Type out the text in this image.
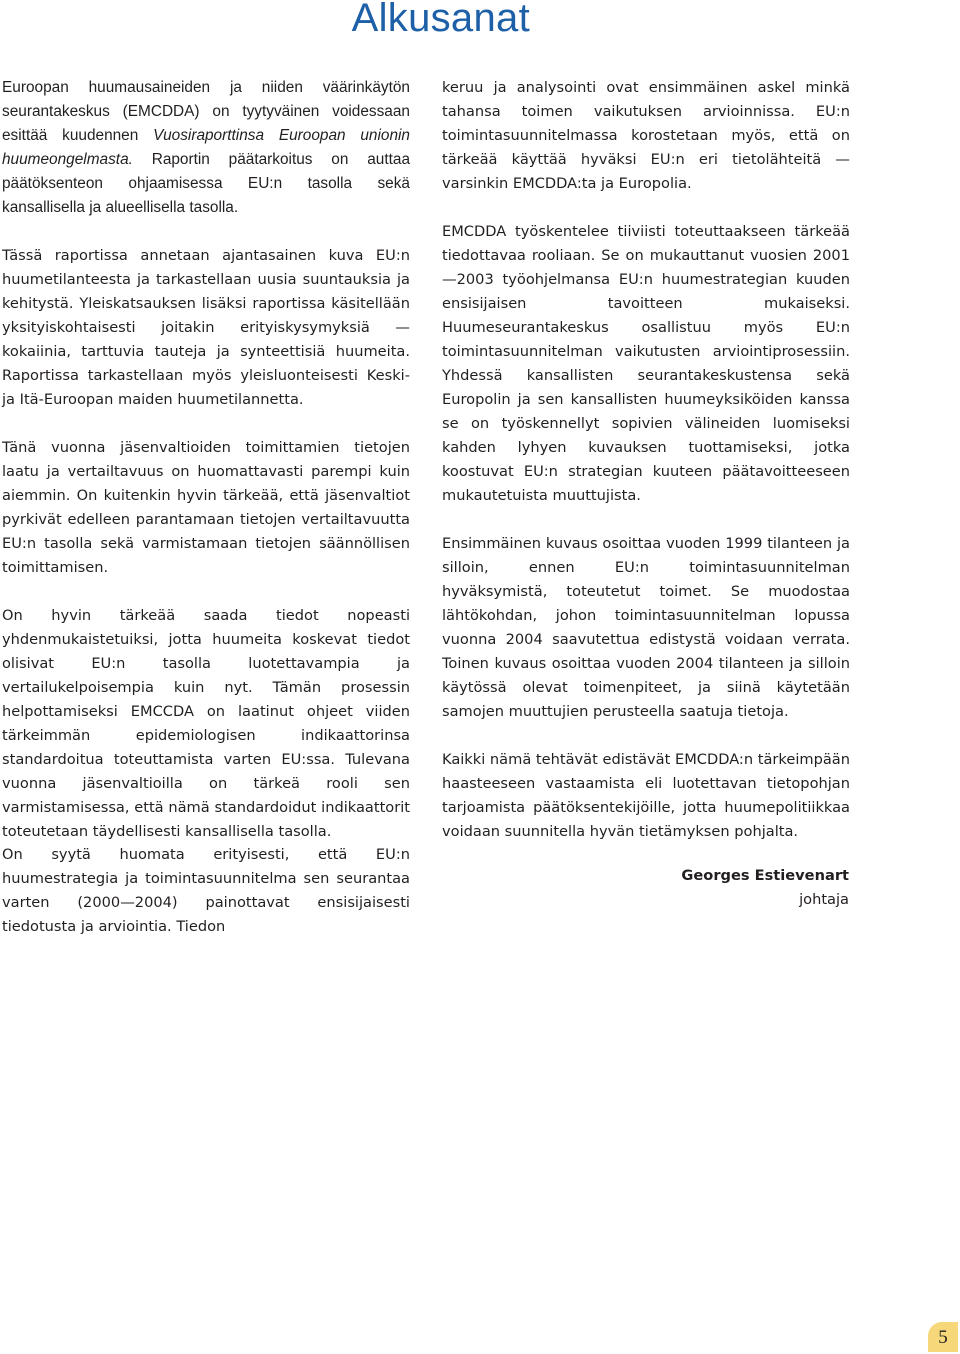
Alkusanat

Euroopan huumausaineiden ja niiden väärinkäytön seurantakeskus (EMCDDA) on tyytyväinen voidessaan esittää kuudennen Vuosiraporttinsa Euroopan unionin huumeongelmasta. Raportin päätarkoitus on auttaa päätöksenteon ohjaamisessa EU:n tasolla sekä kansallisella ja alueellisella tasolla.

Tässä raportissa annetaan ajantasainen kuva EU:n huumetilanteesta ja tarkastellaan uusia suuntauksia ja kehitystä. Yleiskatsauksen lisäksi raportissa käsitellään yksityiskohtaisesti joitakin erityiskysymyksiä — kokaiinia, tarttuvia tauteja ja synteettisiä huumeita. Raportissa tarkastellaan myös yleisluonteisesti Keski- ja Itä-Euroopan maiden huumetilannetta.

Tänä vuonna jäsenvaltioiden toimittamien tietojen laatu ja vertailtavuus on huomattavasti parempi kuin aiemmin. On kuitenkin hyvin tärkeää, että jäsenvaltiot pyrkivät edelleen parantamaan tietojen vertailtavuutta EU:n tasolla sekä varmistamaan tietojen säännöllisen toimittamisen.

On hyvin tärkeää saada tiedot nopeasti yhdenmukaistetuiksi, jotta huumeita koskevat tiedot olisivat EU:n tasolla luotettavampia ja vertailukelpoisempia kuin nyt. Tämän prosessin helpottamiseksi EMCCDA on laatinut ohjeet viiden tärkeimmän epidemiologisen indikaattorinsa standardoitua toteuttamista varten EU:ssa. Tulevana vuonna jäsenvaltioilla on tärkeä rooli sen varmistamisessa, että nämä standardoidut indikaattorit toteutetaan täydellisesti kansallisella tasolla.

On syytä huomata erityisesti, että EU:n huumestrategia ja toimintasuunnitelma sen seurantaa varten (2000—2004) painottavat ensisijaisesti tiedotusta ja arviointia. Tiedon

keruu ja analysointi ovat ensimmäinen askel minkä tahansa toimen vaikutuksen arvioinnissa. EU:n toimintasuunnitelmassa korostetaan myös, että on tärkeää käyttää hyväksi EU:n eri tietolähteitä — varsinkin EMCDDA:ta ja Europolia.

EMCDDA työskentelee tiiviisti toteuttaakseen tärkeää tiedottavaa rooliaan. Se on mukauttanut vuosien 2001—2003 työohjelmansa EU:n huumestrategian kuuden ensisijaisen tavoitteen mukaiseksi. Huumeseurantakeskus osallistuu myös EU:n toimintasuunnitelman vaikutusten arviointiprosessiin. Yhdessä kansallisten seurantakeskustensa sekä Europolin ja sen kansallisten huumeyksiköiden kanssa se on työskennellyt sopivien välineiden luomiseksi kahden lyhyen kuvauksen tuottamiseksi, jotka koostuvat EU:n strategian kuuteen päätavoitteeseen mukautetuista muuttujista.

Ensimmäinen kuvaus osoittaa vuoden 1999 tilanteen ja silloin, ennen EU:n toimintasuunnitelman hyväksymistä, toteutetut toimet. Se muodostaa lähtökohdan, johon toimintasuunnitelman lopussa vuonna 2004 saavutettua edistystä voidaan verrata. Toinen kuvaus osoittaa vuoden 2004 tilanteen ja silloin käytössä olevat toimenpiteet, ja siinä käytetään samojen muuttujien perusteella saatuja tietoja.

Kaikki nämä tehtävät edistävät EMCDDA:n tärkeimpään haasteeseen vastaamista eli luotettavan tietopohjan tarjoamista päätöksentekijöille, jotta huumepolitiikkaa voidaan suunnitella hyvän tietämyksen pohjalta.

Georges Estievenart
johtaja
5
